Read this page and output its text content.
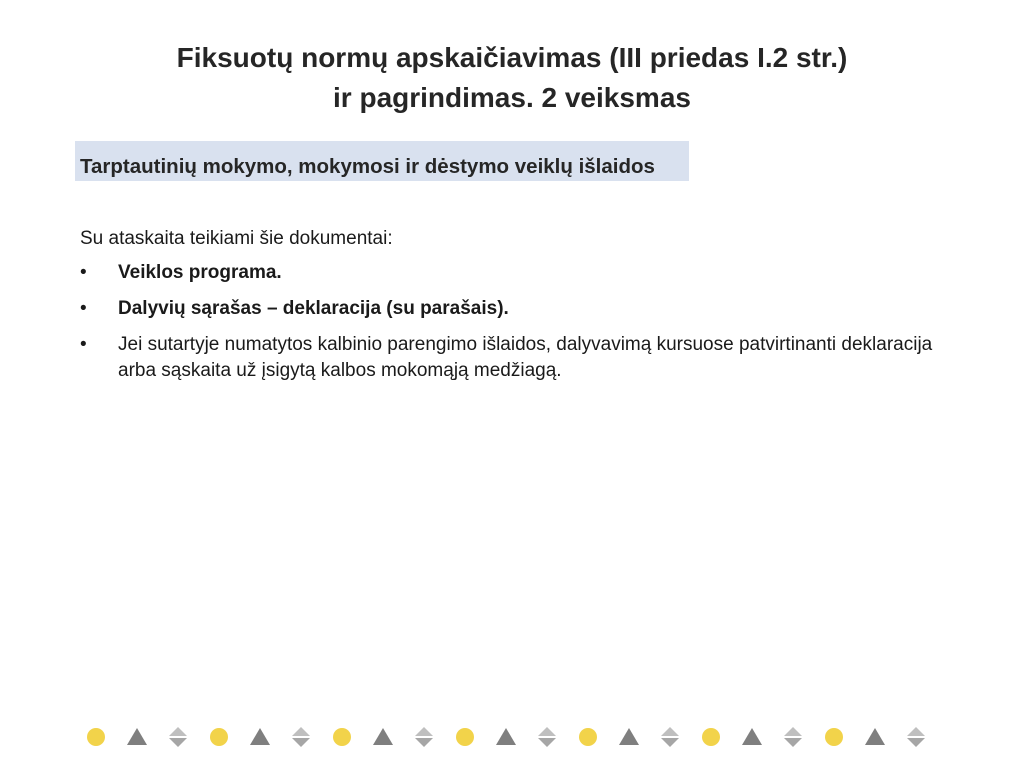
Fiksuotų normų apskaičiavimas (III priedas I.2 str.)
ir pagrindimas. 2 veiksmas
Tarptautinių mokymo, mokymosi ir dėstymo veiklų išlaidos

Su ataskaita teikiami šie dokumentai:

• Veiklos programa.
• Dalyvių sąrašas – deklaracija (su parašais).
• Jei sutartyje numatytos kalbinio parengimo išlaidos, dalyvavimą kursuose patvirtinanti deklaracija arba sąskaita už įsigytą kalbos mokomąją medžiagą.
